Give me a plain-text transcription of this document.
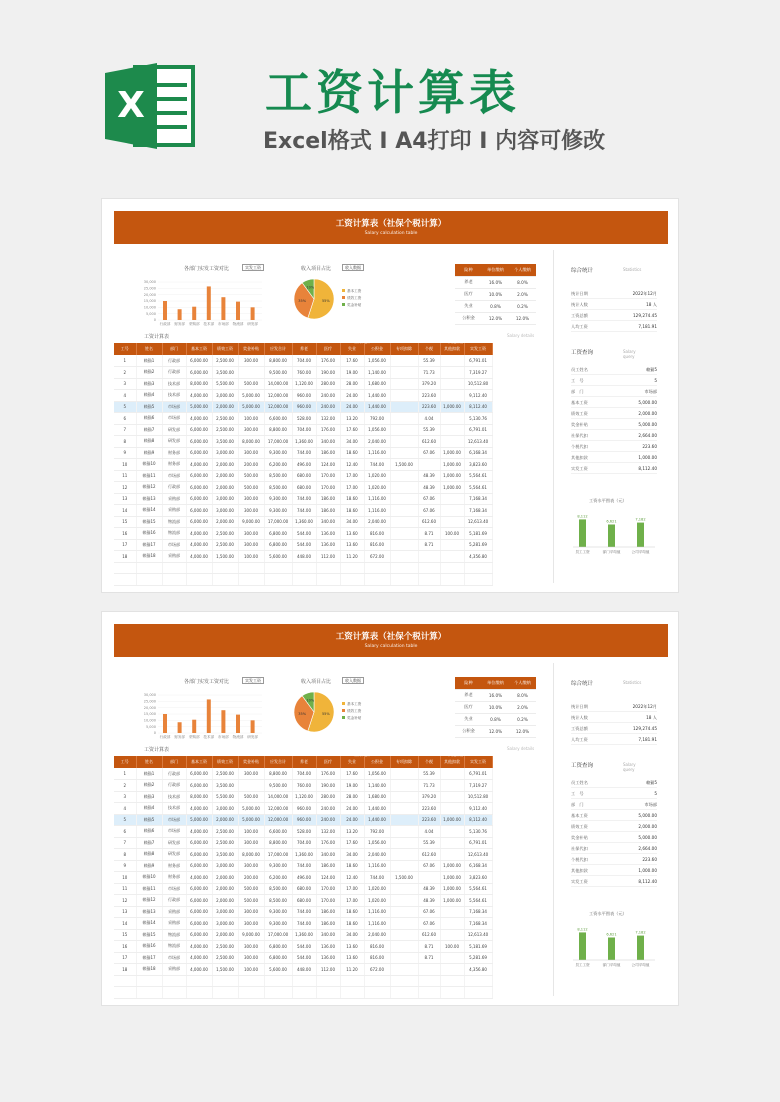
X	工资计算表
Excel格式 I A4打印 I 内容可修改
工资计算表（社保个税计算）
Salary calculation table
各部门实发工资对比	实发工资
0
5,000
10,000
15,000
20,000
25,000
30,000
行政部 财务部 采购部 技术部 市场部 物流部 研发部
收入项目占比	收入数据
55%
基本工资
35%
绩效工资
10%
奖金补贴
险种	单位缴纳	个人缴纳
养老	16.0%	8.0%
医疗	10.0%	2.0%
失业	0.8%	0.2%
公积金	12.0%	12.0%
工资计算表	Salary details
工号	姓名	部门	基本工资	绩效工资	奖金补贴	应发合计	养老	医疗	失业	公积金	专项扣除	个税	其他扣款	实发工资
1	赖猫1	行政部	6,000.00	2,500.00	300.00	8,800.00	704.00	176.00	17.60	1,056.00		55.39		6,791.01
2	赖猫2	行政部	6,000.00	3,500.00		9,500.00	760.00	190.00	19.00	1,140.00		71.73		7,319.27
3	赖猫3	技术部	8,000.00	5,500.00	500.00	14,000.00	1,120.00	280.00	28.00	1,680.00		379.20		10,512.80
4	赖猫4	技术部	4,000.00	3,000.00	5,000.00	12,000.00	960.00	240.00	24.00	1,440.00		223.60		9,112.40
5	赖猫5	市场部	5,000.00	2,000.00	5,000.00	12,000.00	960.00	240.00	24.00	1,440.00		223.60	1,000.00	8,112.40
6	赖猫6	市场部	4,000.00	2,500.00	100.00	6,600.00	528.00	132.00	13.20	792.00		4.04		5,130.76
7	赖猫7	研发部	6,000.00	2,500.00	300.00	8,800.00	704.00	176.00	17.60	1,056.00		55.39		6,791.01
8	赖猫8	研发部	6,000.00	3,500.00	8,000.00	17,000.00	1,360.00	340.00	34.00	2,040.00		612.60		12,613.40
9	赖猫9	财务部	6,000.00	3,000.00	300.00	9,300.00	744.00	186.00	18.60	1,116.00		67.06	1,000.00	6,168.34
10	赖猫10	财务部	4,000.00	2,000.00	200.00	6,200.00	496.00	124.00	12.40	744.00	1,500.00		1,000.00	3,823.60
11	赖猫11	市场部	6,000.00	2,000.00	500.00	8,500.00	680.00	170.00	17.00	1,020.00		48.39	1,000.00	5,564.61
12	赖猫12	行政部	6,000.00	2,000.00	500.00	8,500.00	680.00	170.00	17.00	1,020.00		48.39	1,000.00	5,564.61
13	赖猫13	采购部	6,000.00	3,000.00	300.00	9,300.00	744.00	186.00	18.60	1,116.00		67.06		7,168.34
14	赖猫14	采购部	6,000.00	3,000.00	300.00	9,300.00	744.00	186.00	18.60	1,116.00		67.06		7,168.34
15	赖猫15	物流部	6,000.00	2,000.00	9,000.00	17,000.00	1,360.00	340.00	34.00	2,040.00		612.60		12,613.40
16	赖猫16	物流部	4,000.00	2,500.00	300.00	6,800.00	544.00	136.00	13.60	816.00		8.71	100.00	5,181.69
17	赖猫17	市场部	4,000.00	2,500.00	300.00	6,800.00	544.00	136.00	13.60	816.00		8.71		5,281.69
18	赖猫18	采购部	4,000.00	1,500.00	100.00	5,600.00	448.00	112.00	11.20	672.00				4,356.80

社保代扣	个税扣缴
综合统计	Statistics
统计日期	2022年12月
统计人数	18 人
工资总额	129,274.45
人均工资	7,181.91
工资查询	Salary query
员工姓名	赖猫5
工　号	5
部　门	市场部
基本工资	5,000.00
绩效工资	2,000.00
奖金补贴	5,000.00
社保代扣	2,664.00
个税代扣	223.60
其他扣款	1,000.00
实发工资	8,112.40
工资水平图表（元）
8,112
员工工资
6,621
部门平均值
7,182
公司平均值
工资计算表（社保个税计算）
Salary calculation table
各部门实发工资对比	实发工资
0
5,000
10,000
15,000
20,000
25,000
30,000
行政部 财务部 采购部 技术部 市场部 物流部 研发部
收入项目占比	收入数据
55%
基本工资
35%
绩效工资
10%
奖金补贴
险种	单位缴纳	个人缴纳
养老	16.0%	8.0%
医疗	10.0%	2.0%
失业	0.8%	0.2%
公积金	12.0%	12.0%
工资计算表	Salary details
工号	姓名	部门	基本工资	绩效工资	奖金补贴	应发合计	养老	医疗	失业	公积金	专项扣除	个税	其他扣款	实发工资
1	赖猫1	行政部	6,000.00	2,500.00	300.00	8,800.00	704.00	176.00	17.60	1,056.00		55.39		6,791.01
2	赖猫2	行政部	6,000.00	3,500.00		9,500.00	760.00	190.00	19.00	1,140.00		71.73		7,319.27
3	赖猫3	技术部	8,000.00	5,500.00	500.00	14,000.00	1,120.00	280.00	28.00	1,680.00		379.20		10,512.80
4	赖猫4	技术部	4,000.00	3,000.00	5,000.00	12,000.00	960.00	240.00	24.00	1,440.00		223.60		9,112.40
5	赖猫5	市场部	5,000.00	2,000.00	5,000.00	12,000.00	960.00	240.00	24.00	1,440.00		223.60	1,000.00	8,112.40
6	赖猫6	市场部	4,000.00	2,500.00	100.00	6,600.00	528.00	132.00	13.20	792.00		4.04		5,130.76
7	赖猫7	研发部	6,000.00	2,500.00	300.00	8,800.00	704.00	176.00	17.60	1,056.00		55.39		6,791.01
8	赖猫8	研发部	6,000.00	3,500.00	8,000.00	17,000.00	1,360.00	340.00	34.00	2,040.00		612.60		12,613.40
9	赖猫9	财务部	6,000.00	3,000.00	300.00	9,300.00	744.00	186.00	18.60	1,116.00		67.06	1,000.00	6,168.34
10	赖猫10	财务部	4,000.00	2,000.00	200.00	6,200.00	496.00	124.00	12.40	744.00	1,500.00		1,000.00	3,823.60
11	赖猫11	市场部	6,000.00	2,000.00	500.00	8,500.00	680.00	170.00	17.00	1,020.00		48.39	1,000.00	5,564.61
12	赖猫12	行政部	6,000.00	2,000.00	500.00	8,500.00	680.00	170.00	17.00	1,020.00		48.39	1,000.00	5,564.61
13	赖猫13	采购部	6,000.00	3,000.00	300.00	9,300.00	744.00	186.00	18.60	1,116.00		67.06		7,168.34
14	赖猫14	采购部	6,000.00	3,000.00	300.00	9,300.00	744.00	186.00	18.60	1,116.00		67.06		7,168.34
15	赖猫15	物流部	6,000.00	2,000.00	9,000.00	17,000.00	1,360.00	340.00	34.00	2,040.00		612.60		12,613.40
16	赖猫16	物流部	4,000.00	2,500.00	300.00	6,800.00	544.00	136.00	13.60	816.00		8.71	100.00	5,181.69
17	赖猫17	市场部	4,000.00	2,500.00	300.00	6,800.00	544.00	136.00	13.60	816.00		8.71		5,281.69
18	赖猫18	采购部	4,000.00	1,500.00	100.00	5,600.00	448.00	112.00	11.20	672.00				4,356.80

社保代扣	个税扣缴
综合统计	Statistics
统计日期	2022年12月
统计人数	18 人
工资总额	129,274.45
人均工资	7,181.91
工资查询	Salary query
员工姓名	赖猫5
工　号	5
部　门	市场部
基本工资	5,000.00
绩效工资	2,000.00
奖金补贴	5,000.00
社保代扣	2,664.00
个税代扣	223.60
其他扣款	1,000.00
实发工资	8,112.40
工资水平图表（元）
8,112
员工工资
6,621
部门平均值
7,182
公司平均值
